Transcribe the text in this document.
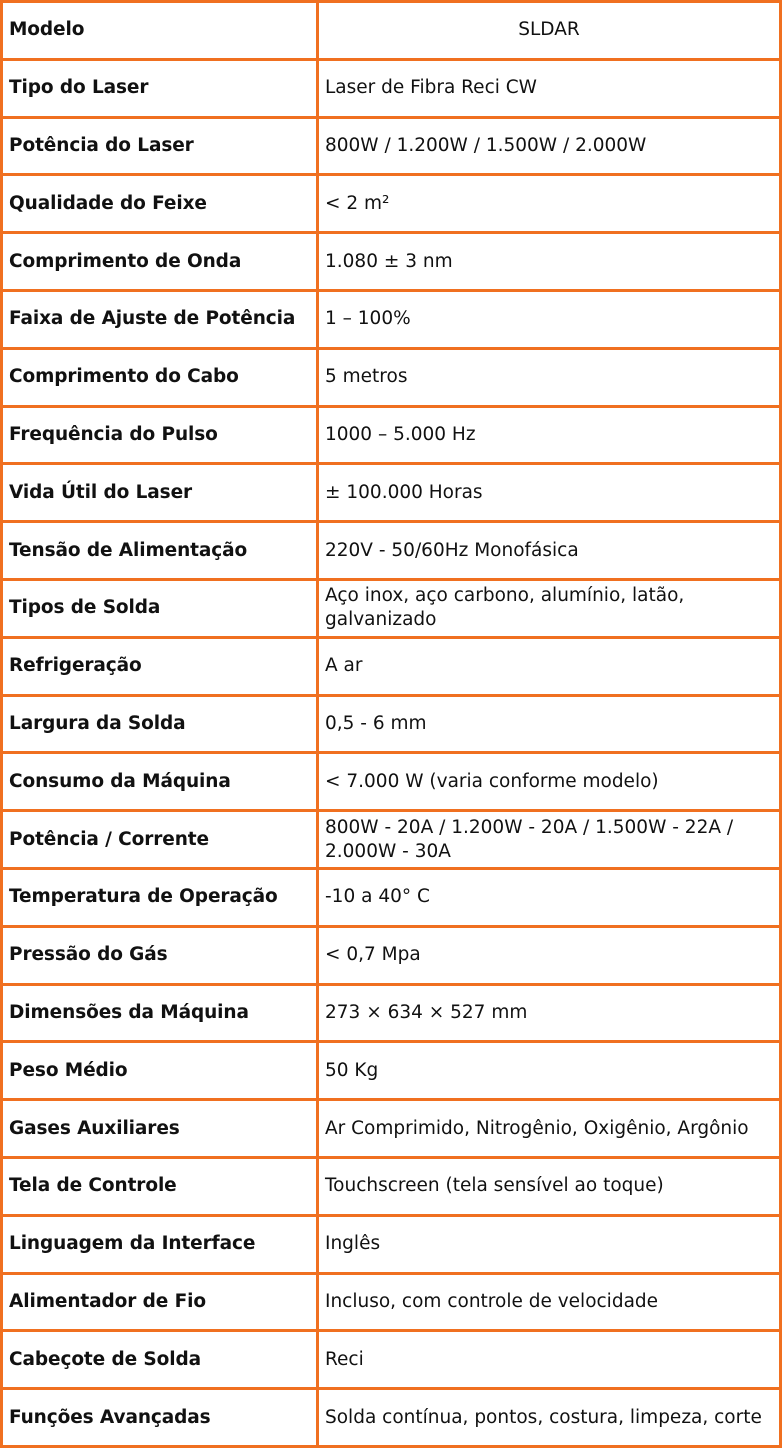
Modelo	SLDAR
Tipo do Laser	Laser de Fibra Reci CW
Potência do Laser	800W / 1.200W / 1.500W / 2.000W
Qualidade do Feixe	< 2 m²
Comprimento de Onda	1.080 ± 3 nm
Faixa de Ajuste de Potência	1 – 100%
Comprimento do Cabo	5 metros
Frequência do Pulso	1000 – 5.000 Hz
Vida Útil do Laser	± 100.000 Horas
Tensão de Alimentação	220V - 50/60Hz Monofásica
Tipos de Solda	Aço inox, aço carbono, alumínio, latão, galvanizado
Refrigeração	A ar
Largura da Solda	0,5 - 6 mm
Consumo da Máquina	< 7.000 W (varia conforme modelo)
Potência / Corrente	800W - 20A / 1.200W - 20A / 1.500W - 22A / 2.000W - 30A
Temperatura de Operação	-10 a 40° C
Pressão do Gás	< 0,7 Mpa
Dimensões da Máquina	273 × 634 × 527 mm
Peso Médio	50 Kg
Gases Auxiliares	Ar Comprimido, Nitrogênio, Oxigênio, Argônio
Tela de Controle	Touchscreen (tela sensível ao toque)
Linguagem da Interface	Inglês
Alimentador de Fio	Incluso, com controle de velocidade
Cabeçote de Solda	Reci
Funções Avançadas	Solda contínua, pontos, costura, limpeza, corte
